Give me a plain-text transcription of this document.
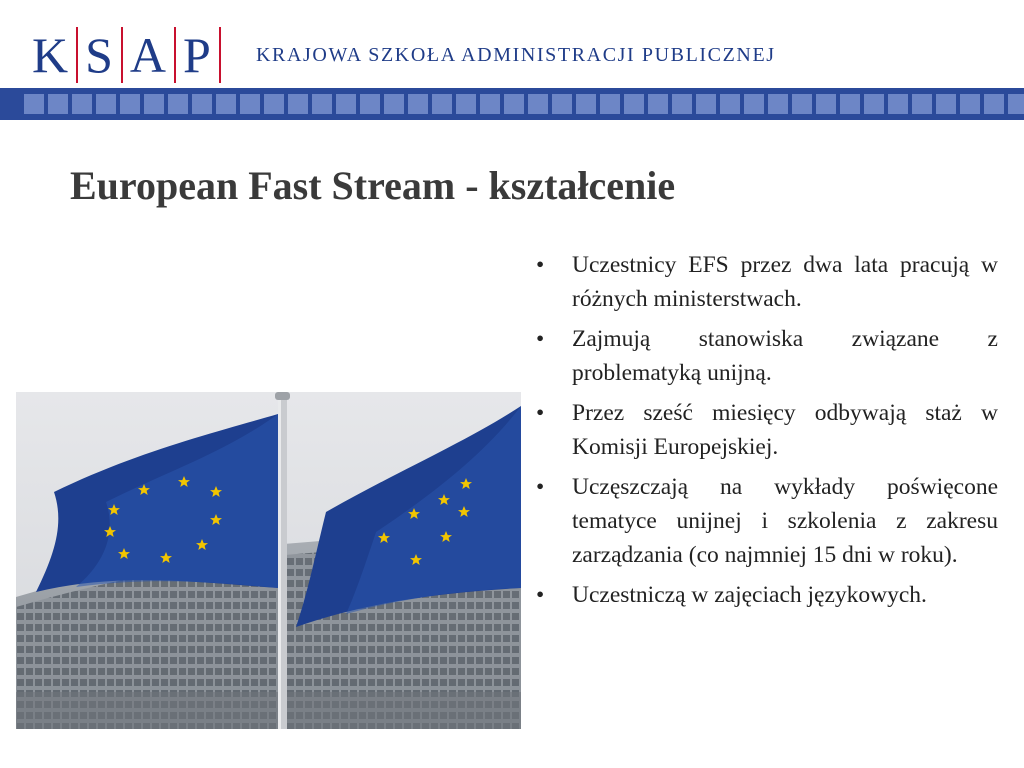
K S A P KRAJOWA SZKOŁA ADMINISTRACJI PUBLICZNEJ
European Fast Stream - kształcenie
• Uczestnicy EFS przez dwa lata pracują w różnych ministerstwach.
• Zajmują stanowiska związane z problematyką unijną.
• Przez sześć miesięcy odbywają staż w Komisji Europejskiej.
• Uczęszczają na wykłady poświęcone tematyce unijnej i szkolenia z zakresu zarządzania (co najmniej 15 dni w roku).
• Uczestniczą w zajęciach językowych.
